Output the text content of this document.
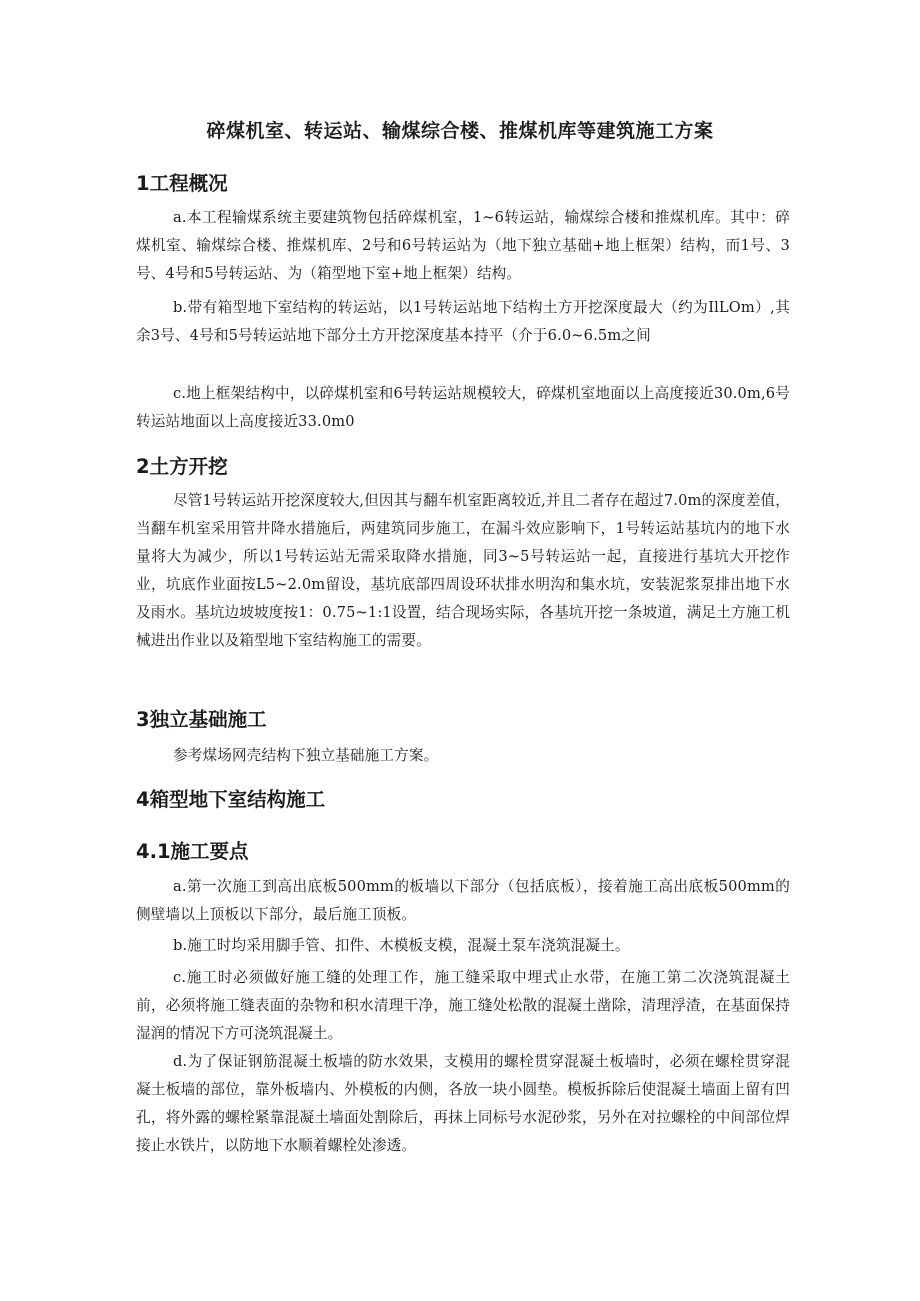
碎煤机室、转运站、输煤综合楼、推煤机库等建筑施工方案
1工程概况

a.本工程输煤系统主要建筑物包括碎煤机室，1~6转运站，输煤综合楼和推煤机库。其中：碎煤机室、输煤综合楼、推煤机库、2号和6号转运站为（地下独立基础+地上框架）结构，而1号、3号、4号和5号转运站、为（箱型地下室+地上框架）结构。

b.带有箱型地下室结构的转运站，以1号转运站地下结构土方开挖深度最大（约为IlLOm）,其余3号、4号和5号转运站地下部分土方开挖深度基本持平（介于6.0~6.5m之间

c.地上框架结构中，以碎煤机室和6号转运站规模较大，碎煤机室地面以上高度接近30.0m,6号转运站地面以上高度接近33.0m0

2土方开挖

尽管1号转运站开挖深度较大,但因其与翻车机室距离较近,并且二者存在超过7.0m的深度差值，当翻车机室采用管井降水措施后，两建筑同步施工，在漏斗效应影响下，1号转运站基坑内的地下水量将大为减少，所以1号转运站无需采取降水措施，同3~5号转运站一起，直接进行基坑大开挖作业，坑底作业面按L5~2.0m留设，基坑底部四周设环状排水明沟和集水坑，安装泥浆泵排出地下水及雨水。基坑边坡坡度按1：0.75~1:1设置，结合现场实际，各基坑开挖一条坡道，满足土方施工机械进出作业以及箱型地下室结构施工的需要。

3独立基础施工

参考煤场网壳结构下独立基础施工方案。

4箱型地下室结构施工
4.1施工要点

a.第一次施工到高出底板500mm的板墙以下部分（包括底板），接着施工高出底板500mm的侧壁墙以上顶板以下部分，最后施工顶板。

b.施工时均采用脚手管、扣件、木模板支模，混凝土泵车浇筑混凝土。

c.施工时必须做好施工缝的处理工作，施工缝采取中埋式止水带，在施工第二次浇筑混凝土前，必须将施工缝表面的杂物和积水清理干净，施工缝处松散的混凝土凿除，清理浮渣，在基面保持湿润的情况下方可浇筑混凝土。

d.为了保证钢筋混凝土板墙的防水效果，支模用的螺栓贯穿混凝土板墙时，必须在螺栓贯穿混凝土板墙的部位，靠外板墙内、外模板的内侧，各放一块小圆垫。模板拆除后使混凝土墙面上留有凹孔，将外露的螺栓紧靠混凝土墙面处割除后，再抹上同标号水泥砂浆，另外在对拉螺栓的中间部位焊接止水铁片，以防地下水顺着螺栓处渗透。
